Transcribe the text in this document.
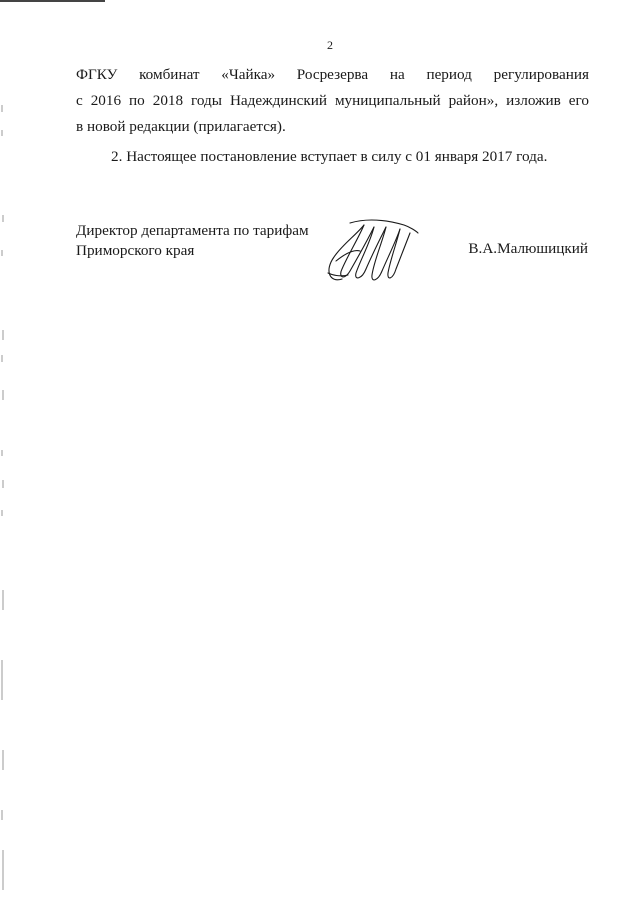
2
ФГКУ комбинат «Чайка» Росрезерва на период регулирования
с 2016 по 2018 годы Надеждинский муниципальный район», изложив его
в новой редакции (прилагается).
2. Настоящее постановление вступает в силу с 01 января 2017 года.
Директор департамента по тарифам
Приморского края	В.А.Малюшицкий
